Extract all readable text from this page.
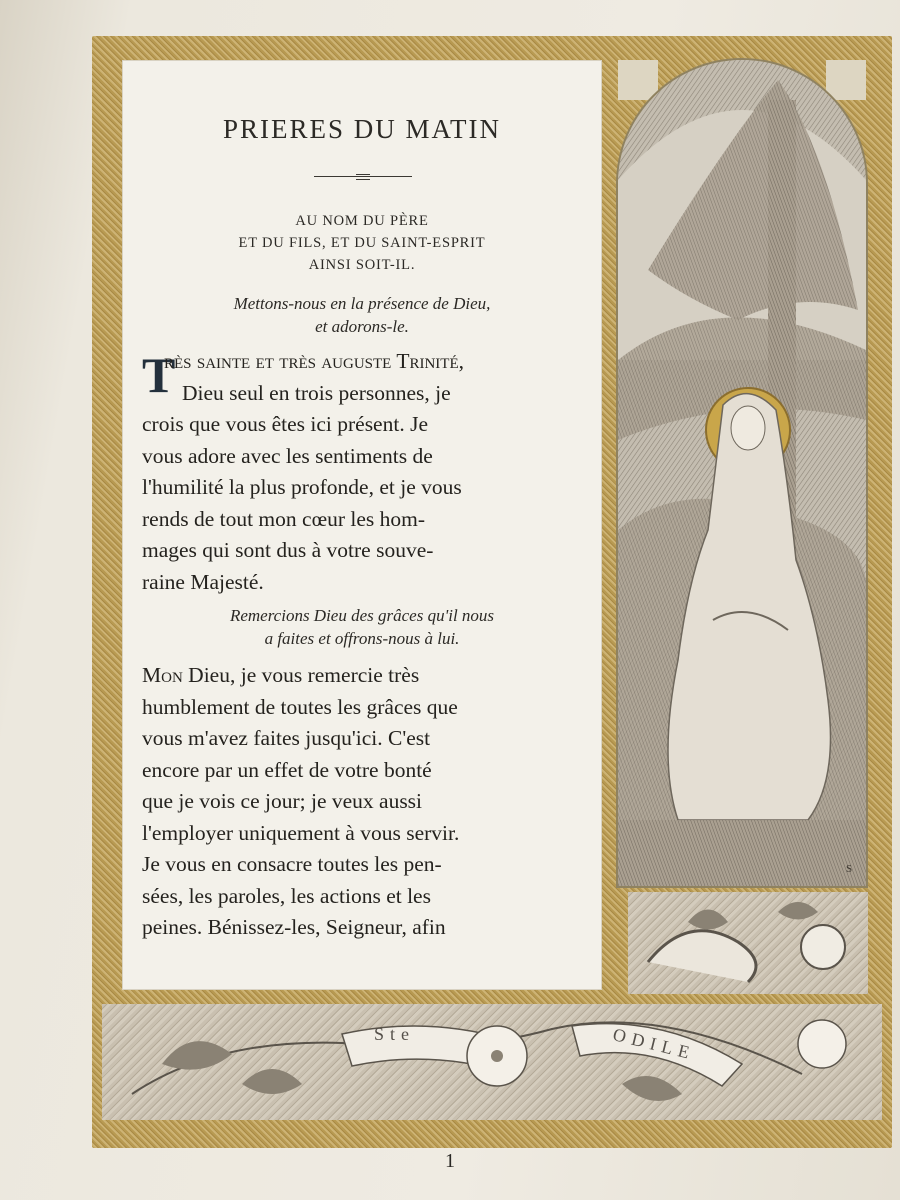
S
Ste	ODILE
PRIERES DU MATIN
AU NOM DU PÈRE
ET DU FILS, ET DU SAINT-ESPRIT
AINSI SOIT-IL.
Mettons-nous en la présence de Dieu,
et adorons-le.
T
rès sainte et très auguste Trinité,
Dieu seul en trois personnes, je
crois que vous êtes ici présent. Je
vous adore avec les sentiments de
l'humilité la plus profonde, et je vous
rends de tout mon cœur les hom-
mages qui sont dus à votre souve-
raine Majesté.
Remercions Dieu des grâces qu'il nous
a faites et offrons-nous à lui.
Mon
Dieu, je vous remercie très
humblement de toutes les grâces que
vous m'avez faites jusqu'ici. C'est
encore par un effet de votre bonté
que je vois ce jour; je veux aussi
l'employer uniquement à vous servir.
Je vous en consacre toutes les pen-
sées, les paroles, les actions et les
peines. Bénissez-les, Seigneur, afin
1
